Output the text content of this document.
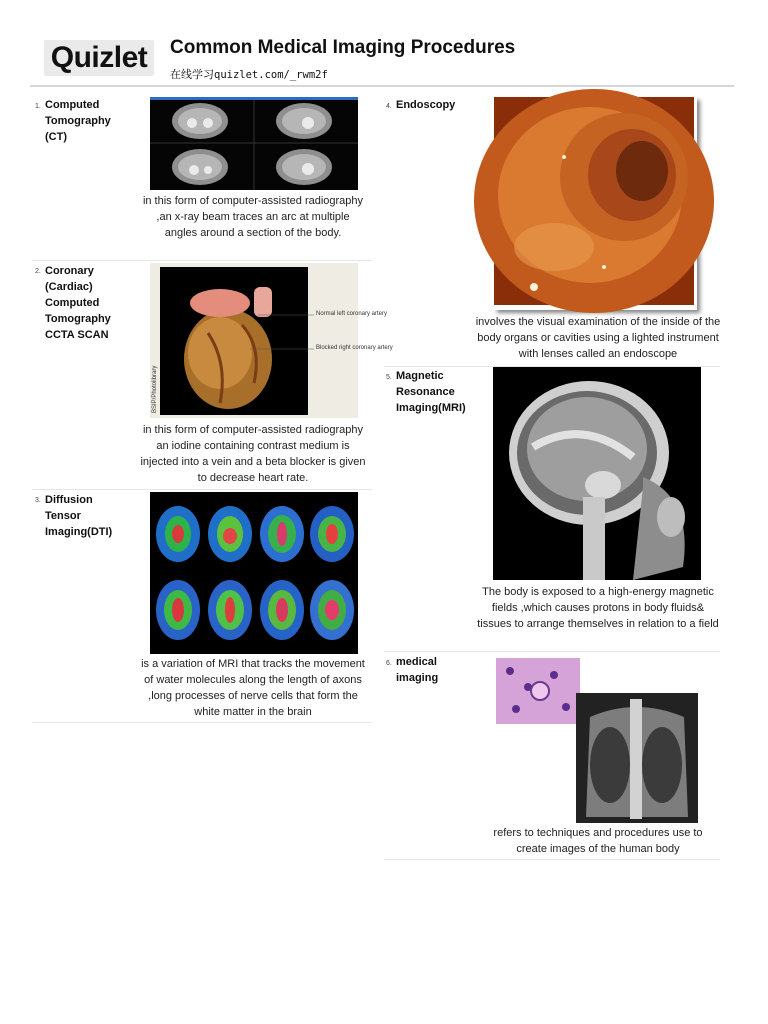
Quizlet	Common Medical Imaging Procedures
在线学习quizlet.com/_rwm2f
1. Computed
Tomography
(CT)
in this form of computer-assisted radiography ,an x-ray beam traces an arc at multiple angles around a section of the body.
2. Coronary
(Cardiac)
Computed
Tomography
CCTA SCAN
Normal left coronary artery
Blocked right coronary artery
BSIP/Photolibrary
in this form of computer-assisted radiography an iodine containing contrast medium is injected into a vein and a beta blocker is given to decrease heart rate.
3. Diffusion
Tensor
Imaging(DTI)
is a variation of MRI that tracks the movement of water molecules along the length of axons ,long processes of nerve cells that form the white matter in the brain
4. Endoscopy
involves the visual examination of the inside of the body organs or cavities using a lighted instrument with lenses called an endoscope
5. Magnetic
Resonance
Imaging(MRI)
The body is exposed to a high-energy magnetic fields ,which causes protons in body fluids& tissues to arrange themselves in relation to a field
6. medical
imaging
refers to techniques and procedures use to create images of the human body
